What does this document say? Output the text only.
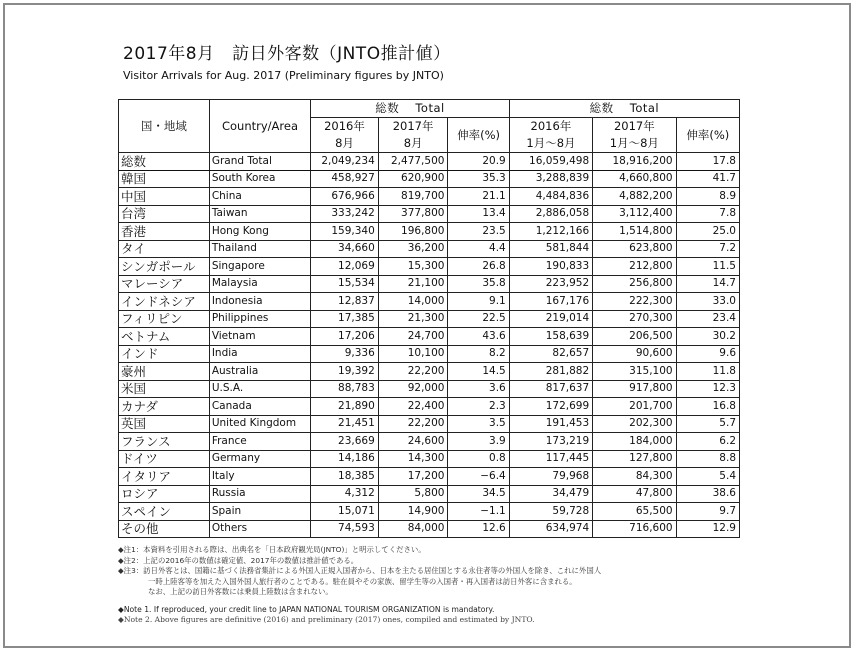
2017年8月　訪日外客数（JNTO推計値）
Visitor Arrivals for Aug. 2017 (Preliminary figures by JNTO)
国・地域	Country/Area	総数　 Total			総数　 Total		
		2016年	2017年	伸率(%)	2016年	2017年	伸率(%)
		8月	8月		1月～8月	1月～8月	
総数	Grand Total	2,049,234	2,477,500	20.9	16,059,498	18,916,200	17.8
韓国	South Korea	458,927	620,900	35.3	3,288,839	4,660,800	41.7
中国	China	676,966	819,700	21.1	4,484,836	4,882,200	8.9
台湾	Taiwan	333,242	377,800	13.4	2,886,058	3,112,400	7.8
香港	Hong Kong	159,340	196,800	23.5	1,212,166	1,514,800	25.0
タイ	Thailand	34,660	36,200	4.4	581,844	623,800	7.2
シンガポール	Singapore	12,069	15,300	26.8	190,833	212,800	11.5
マレーシア	Malaysia	15,534	21,100	35.8	223,952	256,800	14.7
インドネシア	Indonesia	12,837	14,000	9.1	167,176	222,300	33.0
フィリピン	Philippines	17,385	21,300	22.5	219,014	270,300	23.4
ベトナム	Vietnam	17,206	24,700	43.6	158,639	206,500	30.2
インド	India	9,336	10,100	8.2	82,657	90,600	9.6
豪州	Australia	19,392	22,200	14.5	281,882	315,100	11.8
米国	U.S.A.	88,783	92,000	3.6	817,637	917,800	12.3
カナダ	Canada	21,890	22,400	2.3	172,699	201,700	16.8
英国	United Kingdom	21,451	22,200	3.5	191,453	202,300	5.7
フランス	France	23,669	24,600	3.9	173,219	184,000	6.2
ドイツ	Germany	14,186	14,300	0.8	117,445	127,800	8.8
イタリア	Italy	18,385	17,200	−6.4	79,968	84,300	5.4
ロシア	Russia	4,312	5,800	34.5	34,479	47,800	38.6
スペイン	Spain	15,071	14,900	−1.1	59,728	65,500	9.7
その他	Others	74,593	84,000	12.6	634,974	716,600	12.9
◆注1：本資料を引用される際は、出典名を「日本政府観光局(JNTO)」と明示してください。
◆注2：上記の2016年の数値は確定値、2017年の数値は推計値である。
◆注3：訪日外客とは、国籍に基づく法務省集計による外国人正規入国者から、日本を主たる居住国とする永住者等の外国人を除き、これに外国人
一時上陸客等を加えた入国外国人旅行者のことである。駐在員やその家族、留学生等の入国者・再入国者は訪日外客に含まれる。
なお、上記の訪日外客数には乗員上陸数は含まれない。
◆Note 1. If reproduced, your credit line to JAPAN NATIONAL TOURISM ORGANIZATION is mandatory.
◆Note 2. Above figures are definitive (2016) and preliminary (2017) ones, compiled and estimated by JNTO.
